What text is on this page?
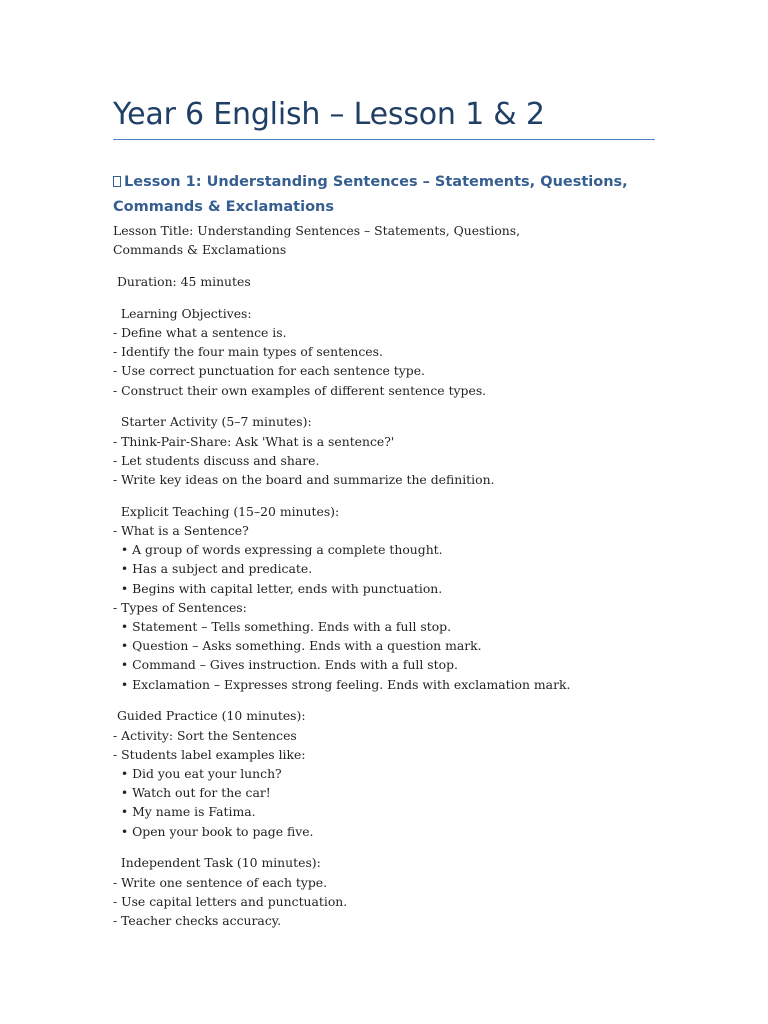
Year 6 English – Lesson 1 & 2
Lesson 1: Understanding Sentences – Statements, Questions, Commands & Exclamations

Lesson Title: Understanding Sentences – Statements, Questions, Commands & Exclamations

Duration: 45 minutes

Learning Objectives:
- Define what a sentence is.
- Identify the four main types of sentences.
- Use correct punctuation for each sentence type.
- Construct their own examples of different sentence types.

Starter Activity (5–7 minutes):
- Think-Pair-Share: Ask 'What is a sentence?'
- Let students discuss and share.
- Write key ideas on the board and summarize the definition.

Explicit Teaching (15–20 minutes):
- What is a Sentence?
• A group of words expressing a complete thought.
• Has a subject and predicate.
• Begins with capital letter, ends with punctuation.
- Types of Sentences:
• Statement – Tells something. Ends with a full stop.
• Question – Asks something. Ends with a question mark.
• Command – Gives instruction. Ends with a full stop.
• Exclamation – Expresses strong feeling. Ends with exclamation mark.

Guided Practice (10 minutes):
- Activity: Sort the Sentences
- Students label examples like:
• Did you eat your lunch?
• Watch out for the car!
• My name is Fatima.
• Open your book to page five.

Independent Task (10 minutes):
- Write one sentence of each type.
- Use capital letters and punctuation.
- Teacher checks accuracy.
